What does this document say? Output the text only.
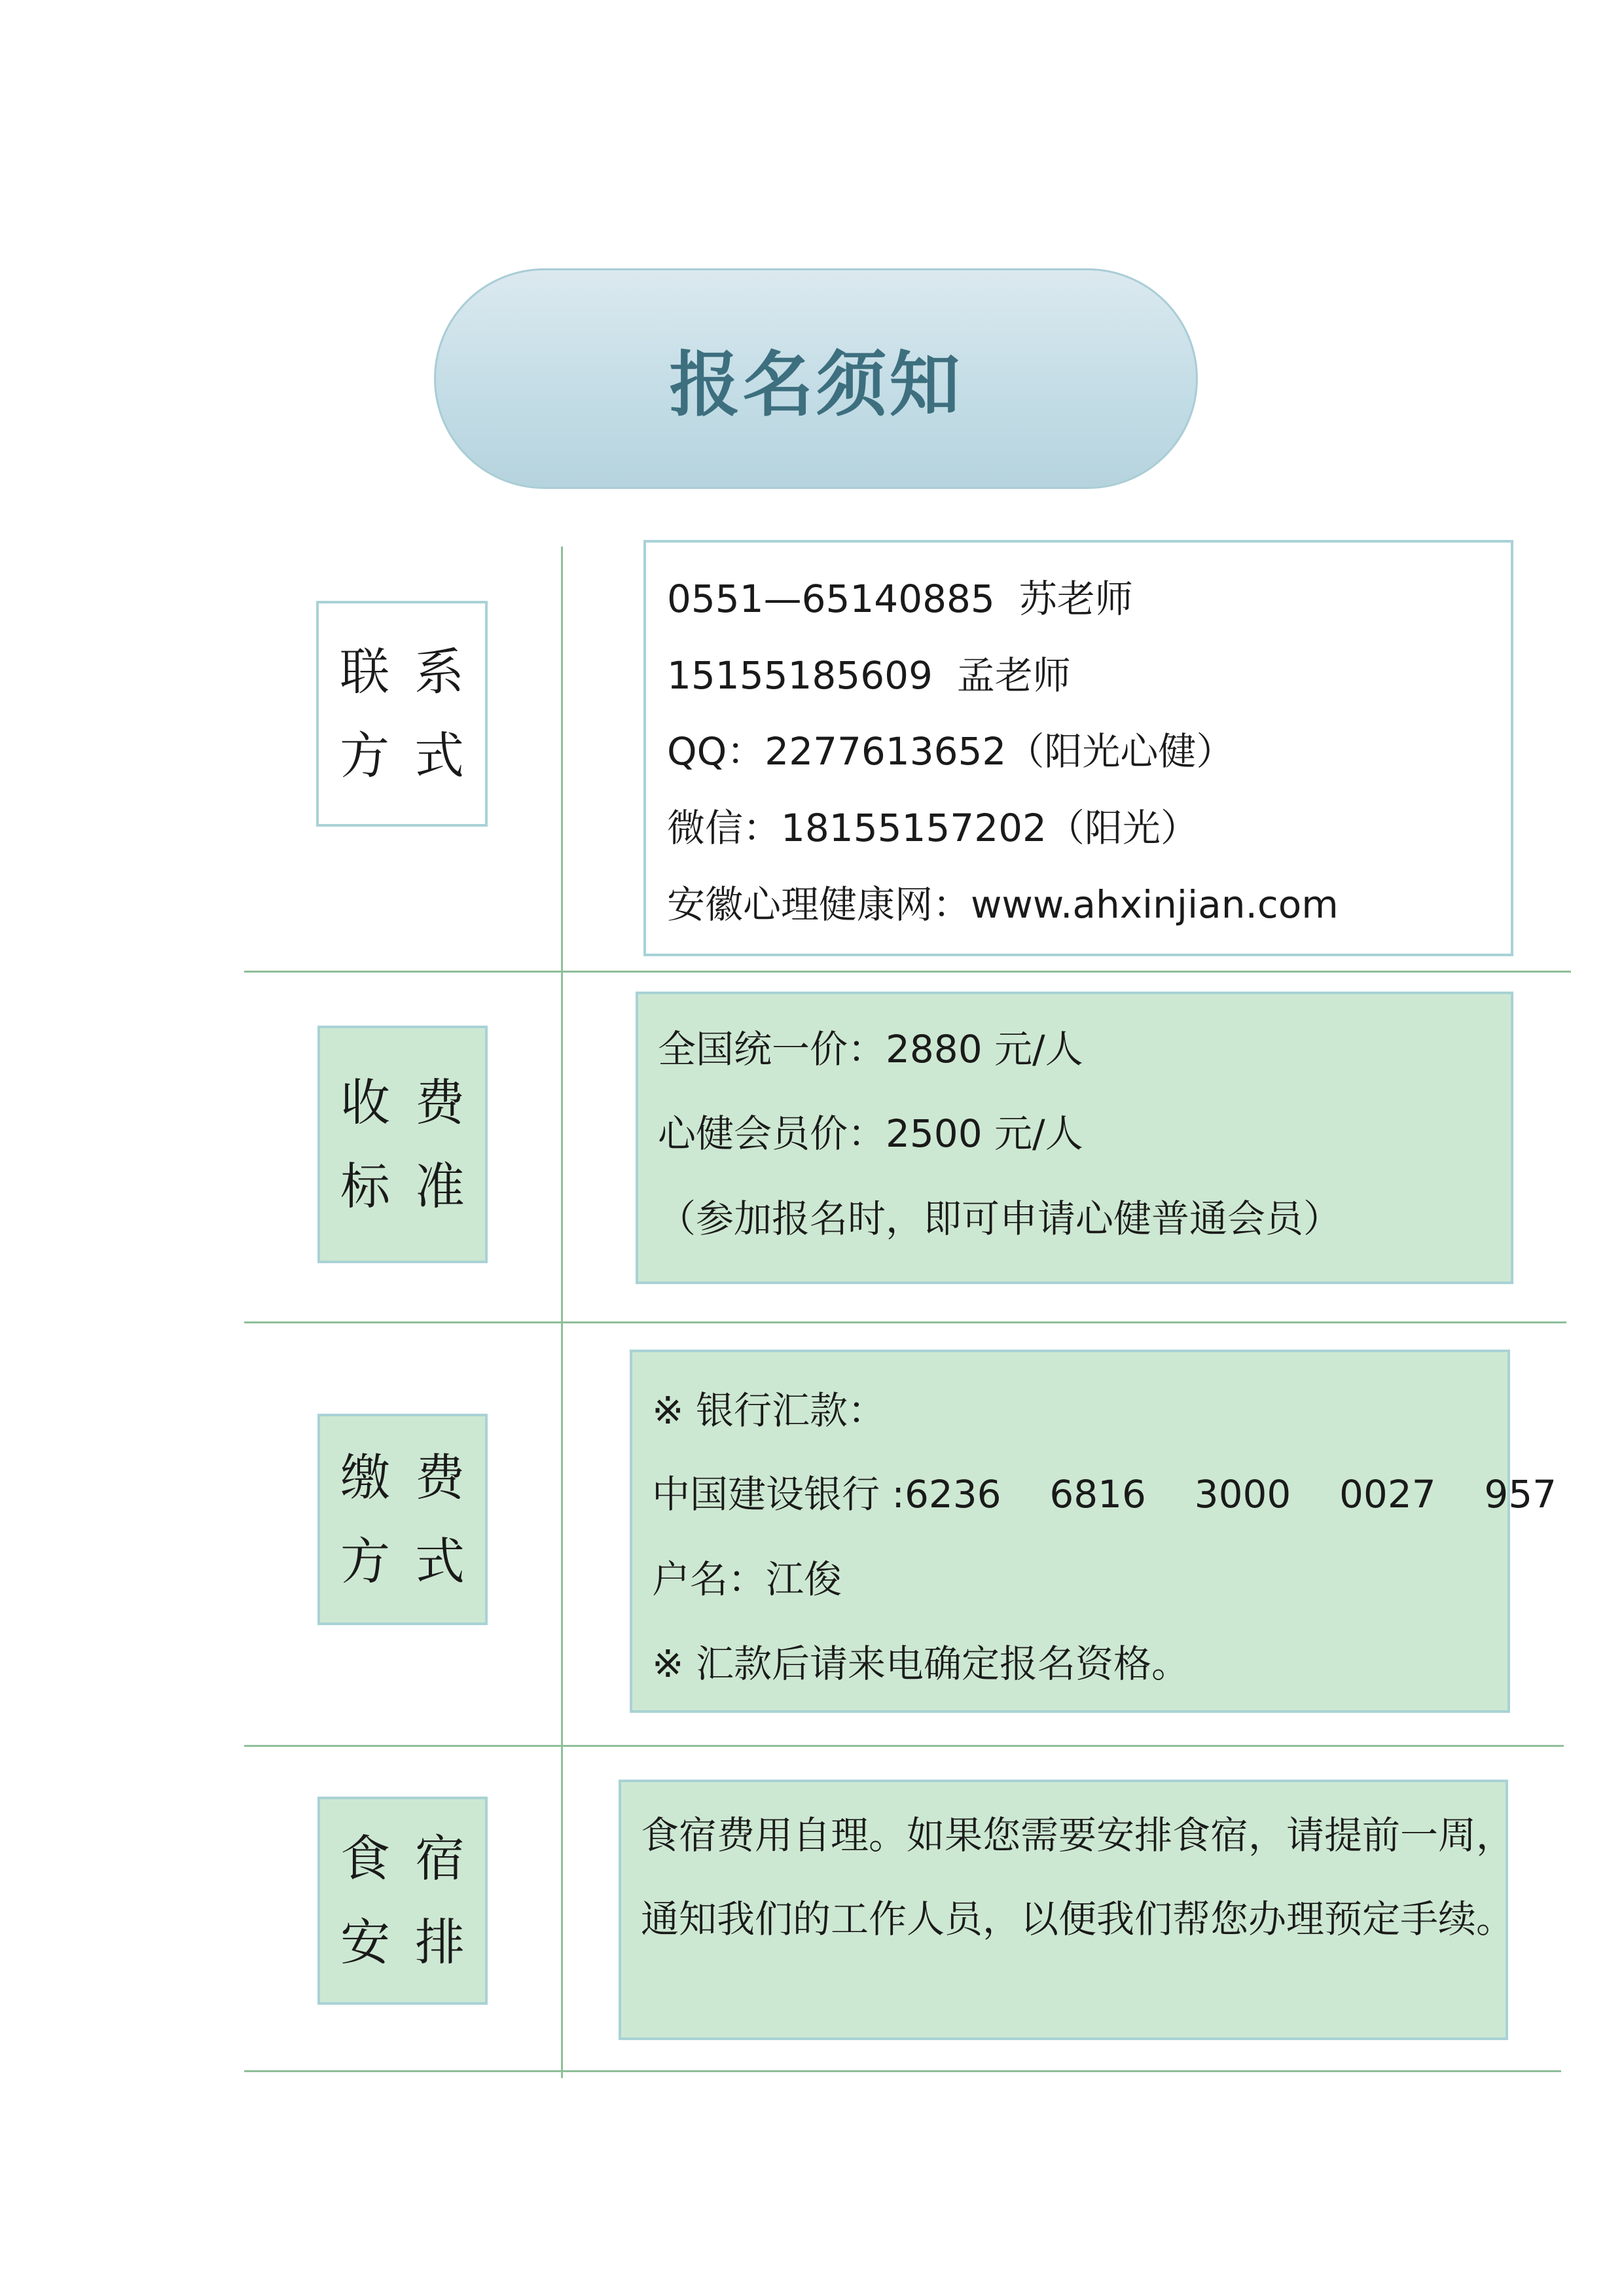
报名须知
联系
方式
0551—65140885  苏老师
15155185609  孟老师
QQ：2277613652（阳光心健）
微信：18155157202（阳光）
安徽心理健康网：www.ahxinjian.com
收费
标准
全国统一价：2880 元/人
心健会员价：2500 元/人
（参加报名时，即可申请心健普通会员）
缴费
方式
※ 银行汇款：
中国建设银行 :6236    6816    3000    0027    957
户名：江俊
※ 汇款后请来电确定报名资格。
食宿
安排
食宿费用自理。如果您需要安排食宿，请提前一周，
通知我们的工作人员，以便我们帮您办理预定手续。
